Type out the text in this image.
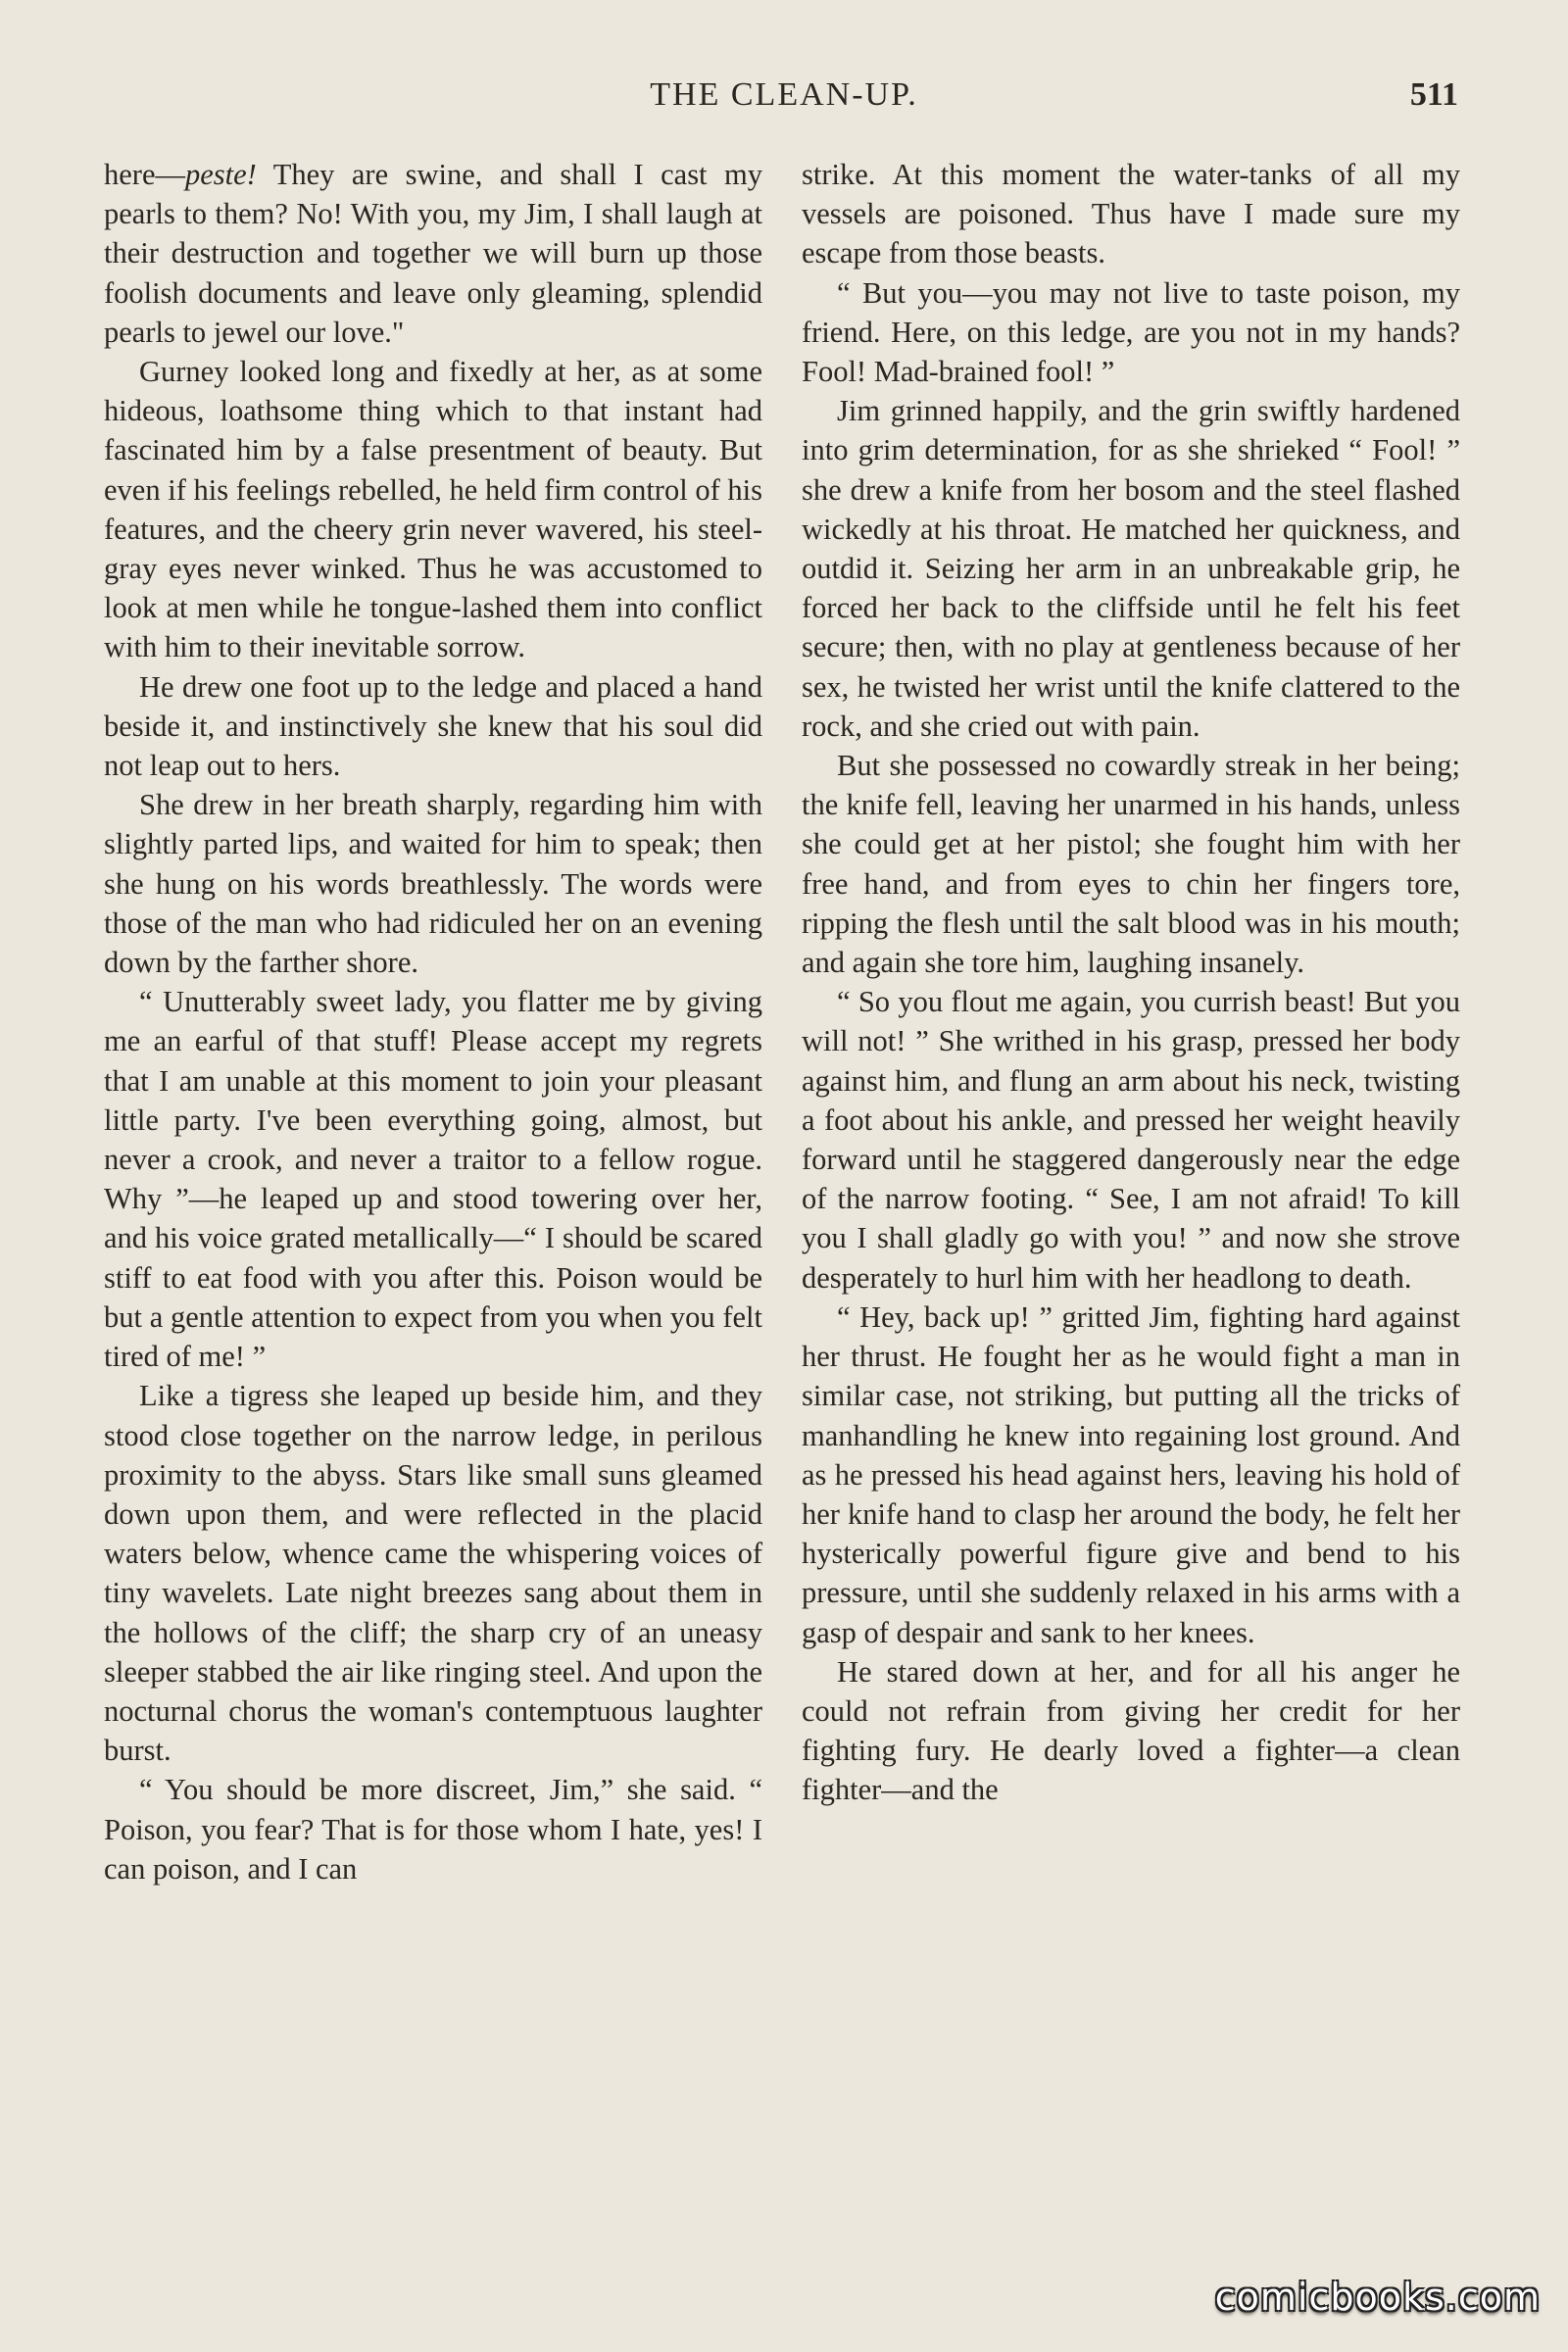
THE CLEAN-UP.	511

here—peste! They are swine, and shall I cast my pearls to them? No! With you, my Jim, I shall laugh at their destruction and together we will burn up those foolish documents and leave only gleaming, splendid pearls to jewel our love."

Gurney looked long and fixedly at her, as at some hideous, loathsome thing which to that instant had fascinated him by a false presentment of beauty. But even if his feelings rebelled, he held firm control of his features, and the cheery grin never wavered, his steel-gray eyes never winked. Thus he was accustomed to look at men while he tongue-lashed them into conflict with him to their inevitable sorrow.

He drew one foot up to the ledge and placed a hand beside it, and instinctively she knew that his soul did not leap out to hers.

She drew in her breath sharply, regarding him with slightly parted lips, and waited for him to speak; then she hung on his words breathlessly. The words were those of the man who had ridiculed her on an evening down by the farther shore.

“ Unutterably sweet lady, you flatter me by giving me an earful of that stuff! Please accept my regrets that I am unable at this moment to join your pleasant little party. I've been everything going, almost, but never a crook, and never a traitor to a fellow rogue. Why ”—he leaped up and stood towering over her, and his voice grated metallically—“ I should be scared stiff to eat food with you after this. Poison would be but a gentle attention to expect from you when you felt tired of me! ”

Like a tigress she leaped up beside him, and they stood close together on the narrow ledge, in perilous proximity to the abyss. Stars like small suns gleamed down upon them, and were reflected in the placid waters below, whence came the whispering voices of tiny wavelets. Late night breezes sang about them in the hollows of the cliff; the sharp cry of an uneasy sleeper stabbed the air like ringing steel. And upon the nocturnal chorus the woman's contemptuous laughter burst.

“ You should be more discreet, Jim,” she said. “ Poison, you fear? That is for those whom I hate, yes! I can poison, and I can

strike. At this moment the water-tanks of all my vessels are poisoned. Thus have I made sure my escape from those beasts.

“ But you—you may not live to taste poison, my friend. Here, on this ledge, are you not in my hands? Fool! Mad-brained fool! ”

Jim grinned happily, and the grin swiftly hardened into grim determination, for as she shrieked “ Fool! ” she drew a knife from her bosom and the steel flashed wickedly at his throat. He matched her quickness, and outdid it. Seizing her arm in an unbreakable grip, he forced her back to the cliffside until he felt his feet secure; then, with no play at gentleness because of her sex, he twisted her wrist until the knife clattered to the rock, and she cried out with pain.

But she possessed no cowardly streak in her being; the knife fell, leaving her unarmed in his hands, unless she could get at her pistol; she fought him with her free hand, and from eyes to chin her fingers tore, ripping the flesh until the salt blood was in his mouth; and again she tore him, laughing insanely.

“ So you flout me again, you currish beast! But you will not! ” She writhed in his grasp, pressed her body against him, and flung an arm about his neck, twisting a foot about his ankle, and pressed her weight heavily forward until he staggered dangerously near the edge of the narrow footing. “ See, I am not afraid! To kill you I shall gladly go with you! ” and now she strove desperately to hurl him with her headlong to death.

“ Hey, back up! ” gritted Jim, fighting hard against her thrust. He fought her as he would fight a man in similar case, not striking, but putting all the tricks of manhandling he knew into regaining lost ground. And as he pressed his head against hers, leaving his hold of her knife hand to clasp her around the body, he felt her hysterically powerful figure give and bend to his pressure, until she suddenly relaxed in his arms with a gasp of despair and sank to her knees.

He stared down at her, and for all his anger he could not refrain from giving her credit for her fighting fury. He dearly loved a fighter—a clean fighter—and the

comicbooks.com
